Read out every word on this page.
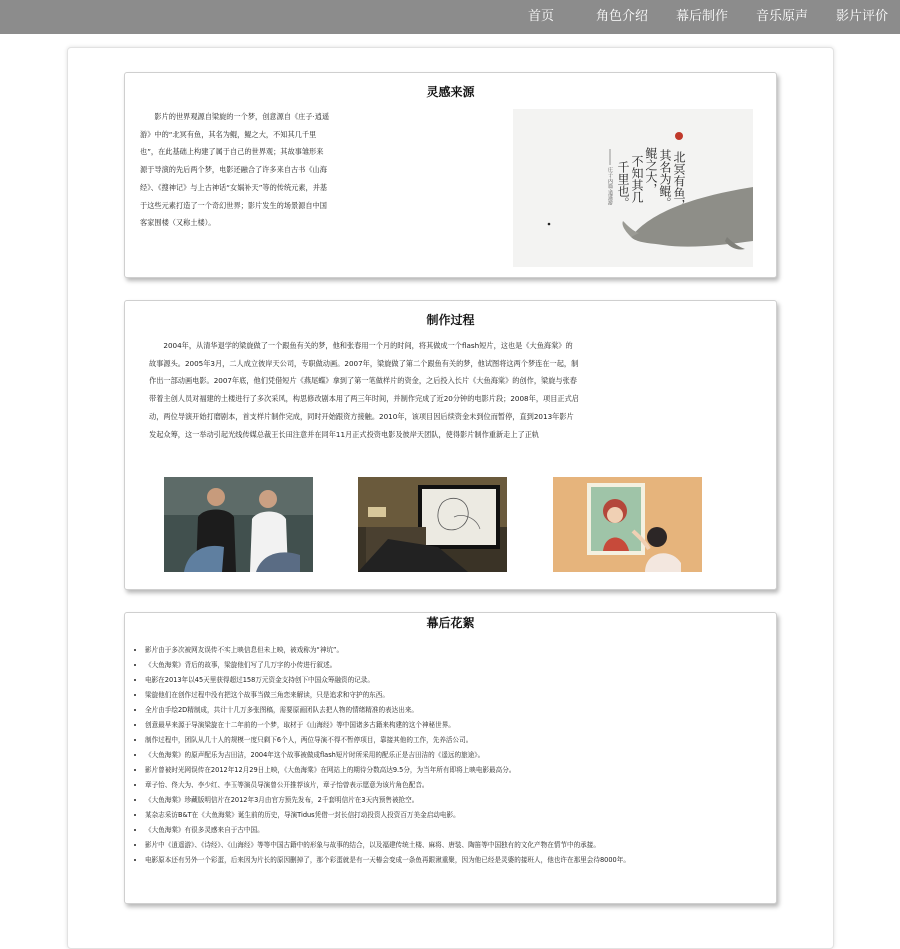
首页	角色介绍 幕后制作 音乐原声 影片评价
灵感来源

影片的世界观源自梁旋的一个梦，创意源自《庄子·逍遥游》中的“北冥有鱼，其名为鲲，鲲之大，不知其几千里也”，在此基础上构建了属于自己的世界观；其故事雏形来源于导演的先后两个梦，电影还融合了许多来自古书《山海经》、《搜神记》与上古神话“女娲补天”等的传统元素，并基于这些元素打造了一个奇幻世界；影片发生的场景源自中国客家围楼（又称土楼）。

北冥有鱼，
其名为鲲。
鲲之大，
不知其几
千里也。
庄子·内篇·逍遥游
制作过程

2004年，从清华退学的梁旋做了一个跟鱼有关的梦，他和张春用一个月的时间，将其做成一个flash短片，这也是《大鱼海棠》的故事源头。2005年3月，二人成立彼岸天公司，专职做动画。2007年，梁旋做了第二个跟鱼有关的梦，他试图将这两个梦连在一起，制作出一部动画电影。2007年底，他们凭借短片《燕尾蝶》拿到了第一笔做样片的资金，之后投入长片《大鱼海棠》的创作，梁旋与张春带着主创人员对福建的土楼进行了多次采风，构思修改剧本用了两三年时间，并制作完成了近20分钟的电影片段；2008年，项目正式启动，两位导演开始打磨剧本，首支样片制作完成，同时开始跟资方接触。2010年，该项目因后续资金未到位而暂停，直到2013年影片发起众筹，这一举动引起光线传媒总裁王长田注意并在同年11月正式投资电影及彼岸天团队，使得影片制作重新走上了正轨

幕后花絮
• 影片由于多次被网友误传不实上映信息但未上映，被戏称为“神坑”。
• 《大鱼海棠》背后的故事，梁旋他们写了几万字的小传进行叙述。
• 电影在2013年以45天里获得超过158万元资金支持创下中国众筹融资的记录。
• 梁旋他们在创作过程中没有把这个故事当做三角恋来解读，只是追求和守护的东西。
• 全片由手绘2D精制成，共计十几万多张图稿，需要原画团队去把人物的情绪精准的表达出来。
• 创意最早来源于导演梁旋在十二年前的一个梦，取材于《山海经》等中国诸多古籍来构建的这个神秘世界。
• 制作过程中，团队从几十人的规模一度只剩下6个人，两位导演不得不暂停项目，靠接其他的工作，先养活公司。
• 《大鱼海棠》的原声配乐为吉田洁，2004年这个故事被做成flash短片时所采用的配乐正是吉田洁的《遥远的旅途》。
• 影片曾被时光网误传在2012年12月29日上映，《大鱼海棠》在网站上的期待分数高达9.5分，为当年所有即将上映电影最高分。
• 章子怡、佟大为、李少红、李玉等演员导演曾公开推荐该片，章子怡曾表示愿意为该片角色配音。
• 《大鱼海棠》珍藏版明信片在2012年3月由官方预先发布，2千套明信片在3天内预售被抢空。
• 某杂志采访B&T在《大鱼海棠》诞生前的历史，导演Tidus凭借一封长信打动投资人投资百万美金启动电影。
• 《大鱼海棠》有很多灵感来自于古中国。
• 影片中《逍遥游》、《诗经》、《山海经》等等中国古籍中的形象与故事的结合，以及福建传统土楼、麻将、唐装、陶笛等中国独有的文化产物在情节中的承接。
• 电影原本还有另外一个彩蛋，后来因为片长的原因删掉了，那个彩蛋就是有一天椿会变成一条鱼再跟湫重聚，因为他已经是灵婆的接班人，他也许在那里会待8000年。
